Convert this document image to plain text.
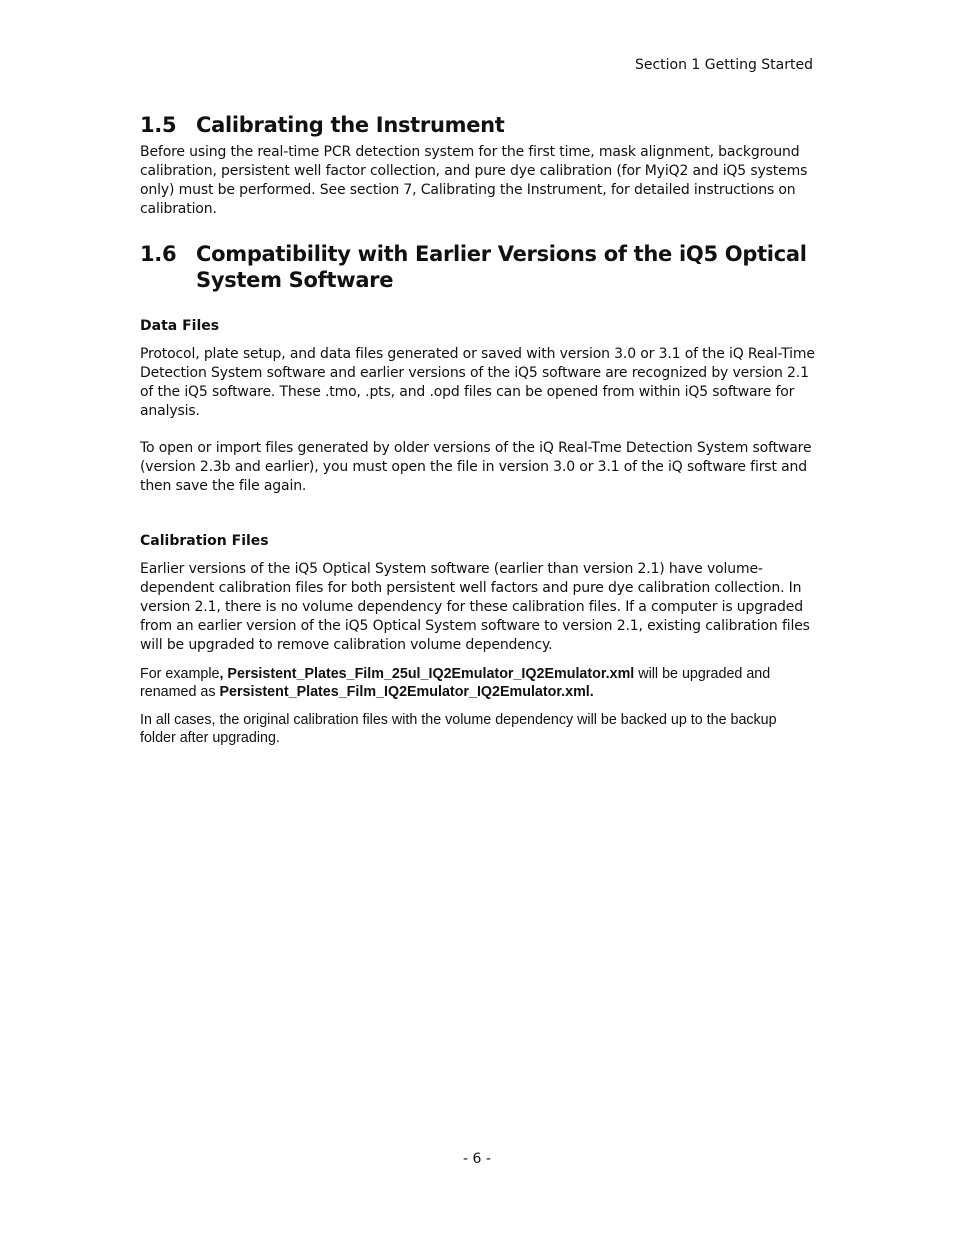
Section 1 Getting Started
1.5 Calibrating the Instrument

Before using the real-time PCR detection system for the first time, mask alignment, background calibration, persistent well factor collection, and pure dye calibration (for MyiQ2 and iQ5 systems only) must be performed. See section 7, Calibrating the Instrument, for detailed instructions on calibration.

1.6 Compatibility with Earlier Versions of the iQ5 Optical System Software
Data Files

Protocol, plate setup, and data files generated or saved with version 3.0 or 3.1 of the iQ Real-Time Detection System software and earlier versions of the iQ5 software are recognized by version 2.1 of the iQ5 software. These .tmo, .pts, and .opd files can be opened from within iQ5 software for analysis.

To open or import files generated by older versions of the iQ Real-Tme Detection System software (version 2.3b and earlier), you must open the file in version 3.0 or 3.1 of the iQ software first and then save the file again.

Calibration Files

Earlier versions of the iQ5 Optical System software (earlier than version 2.1) have volume-dependent calibration files for both persistent well factors and pure dye calibration collection. In version 2.1, there is no volume dependency for these calibration files. If a computer is upgraded from an earlier version of the iQ5 Optical System software to version 2.1, existing calibration files will be upgraded to remove calibration volume dependency.

For example, Persistent_Plates_Film_25ul_IQ2Emulator_IQ2Emulator.xml will be upgraded and renamed as Persistent_Plates_Film_IQ2Emulator_IQ2Emulator.xml.

In all cases, the original calibration files with the volume dependency will be backed up to the backup folder after upgrading.

- 6 -
